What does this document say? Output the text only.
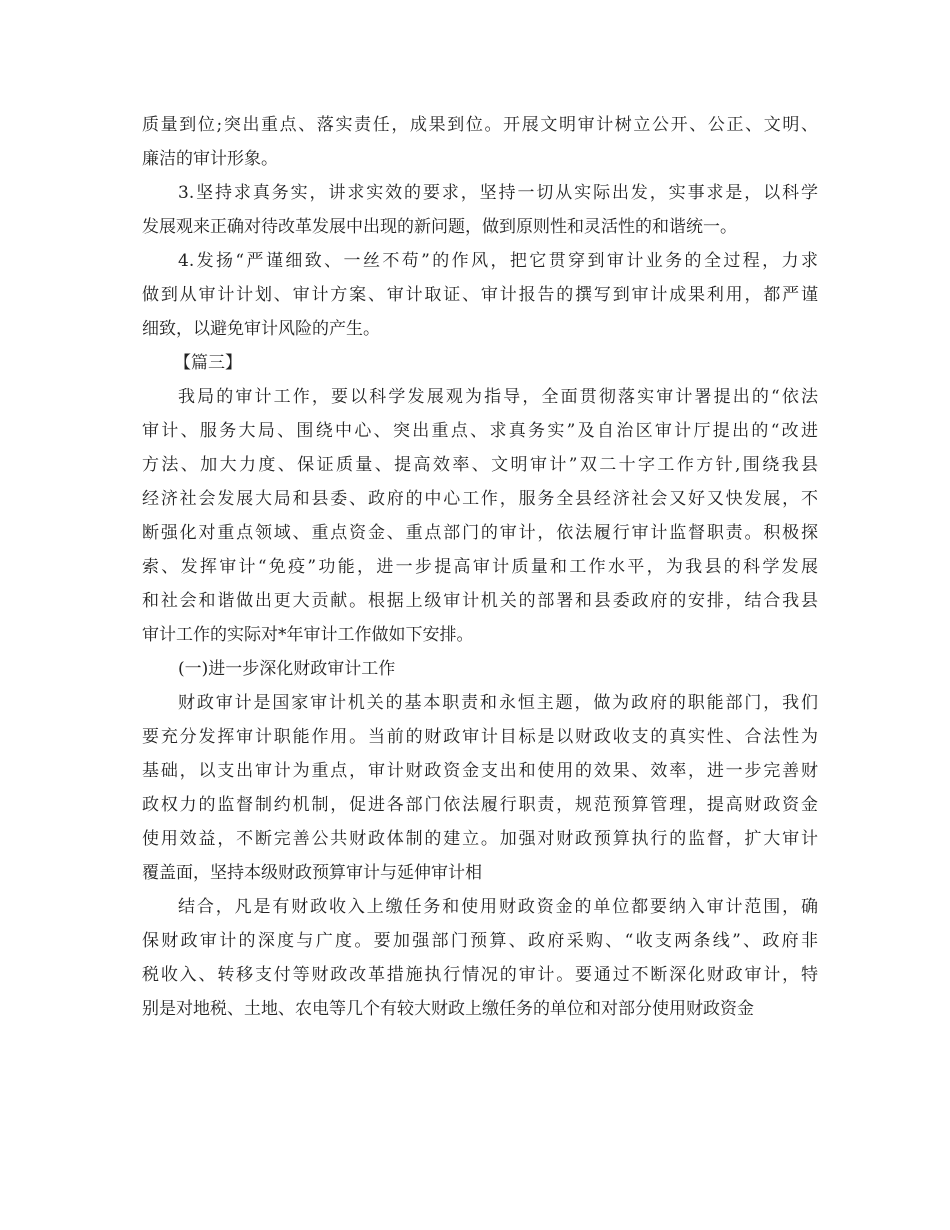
质量到位;突出重点、落实责任，成果到位。开展文明审计树立公开、公正、文明、
廉洁的审计形象。
3.坚持求真务实，讲求实效的要求，坚持一切从实际出发，实事求是，以科学
发展观来正确对待改革发展中出现的新问题，做到原则性和灵活性的和谐统一。
4.发扬“严谨细致、一丝不苟”的作风，把它贯穿到审计业务的全过程，力求
做到从审计计划、审计方案、审计取证、审计报告的撰写到审计成果利用，都严谨
细致，以避免审计风险的产生。
【篇三】
我局的审计工作，要以科学发展观为指导，全面贯彻落实审计署提出的“依法
审计、服务大局、围绕中心、突出重点、求真务实”及自治区审计厅提出的“改进
方法、加大力度、保证质量、提高效率、文明审计”双二十字工作方针,围绕我县
经济社会发展大局和县委、政府的中心工作，服务全县经济社会又好又快发展，不
断强化对重点领域、重点资金、重点部门的审计，依法履行审计监督职责。积极探
索、发挥审计“免疫”功能，进一步提高审计质量和工作水平，为我县的科学发展
和社会和谐做出更大贡献。根据上级审计机关的部署和县委政府的安排，结合我县
审计工作的实际对*年审计工作做如下安排。
(一)进一步深化财政审计工作
财政审计是国家审计机关的基本职责和永恒主题，做为政府的职能部门，我们
要充分发挥审计职能作用。当前的财政审计目标是以财政收支的真实性、合法性为
基础，以支出审计为重点，审计财政资金支出和使用的效果、效率，进一步完善财
政权力的监督制约机制，促进各部门依法履行职责，规范预算管理，提高财政资金
使用效益，不断完善公共财政体制的建立。加强对财政预算执行的监督，扩大审计
覆盖面，坚持本级财政预算审计与延伸审计相
结合，凡是有财政收入上缴任务和使用财政资金的单位都要纳入审计范围，确
保财政审计的深度与广度。要加强部门预算、政府采购、“收支两条线”、政府非
税收入、转移支付等财政改革措施执行情况的审计。要通过不断深化财政审计，特
别是对地税、土地、农电等几个有较大财政上缴任务的单位和对部分使用财政资金
